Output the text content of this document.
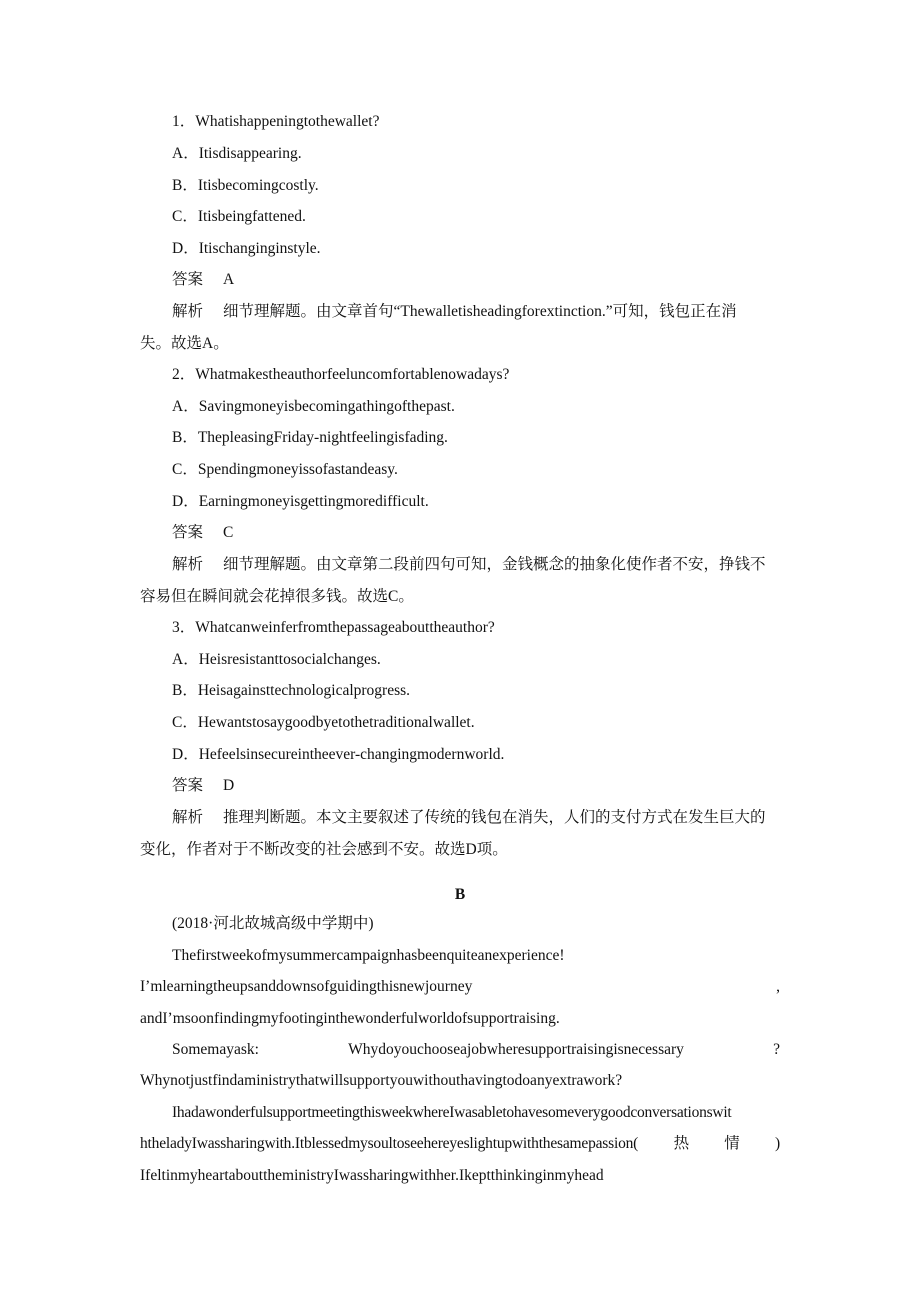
1．Whatishappeningtothewallet?
A．Itisdisappearing.
B．Itisbecomingcostly.
C．Itisbeingfattened.
D．Itischanginginstyle.
答案 A
解析 细节理解题。由文章首句“Thewalletisheadingforextinction.”可知，钱包正在消
失。故选A。
2．Whatmakestheauthorfeeluncomfortablenowadays?
A．Savingmoneyisbecomingathingofthepast.
B．ThepleasingFriday-nightfeelingisfading.
C．Spendingmoneyissofastandeasy.
D．Earningmoneyisgettingmoredifficult.
答案 C
解析 细节理解题。由文章第二段前四句可知，金钱概念的抽象化使作者不安，挣钱不
容易但在瞬间就会花掉很多钱。故选C。
3．Whatcanweinferfromthepassageabouttheauthor?
A．Heisresistanttosocialchanges.
B．Heisagainsttechnologicalprogress.
C．Hewantstosaygoodbyetothetraditionalwallet.
D．Hefeelsinsecureintheever-changingmodernworld.
答案 D
解析 推理判断题。本文主要叙述了传统的钱包在消失，人们的支付方式在发生巨大的
变化，作者对于不断改变的社会感到不安。故选D项。
B
(2018·河北故城高级中学期中)
Thefirstweekofmysummercampaignhasbeenquiteanexperience!
I’mlearningtheupsanddownsofguidingthisnewjourney	,
andI’msoonfindingmyfootinginthewonderfulworldofsupportraising.
Somemayask:	Whydoyouchooseajobwheresupportraisingisnecessary	?
Whynotjustfindaministrythatwillsupportyouwithouthavingtodoanyextrawork?
IhadawonderfulsupportmeetingthisweekwhereIwasabletohavesomeverygoodconversationswit
htheladyIwassharingwith.Itblessedmysoultoseehereyeslightupwiththesamepassion( 热 情 )
IfeltinmyheartabouttheministryIwassharingwithher.Ikeptthinkinginmyhead
